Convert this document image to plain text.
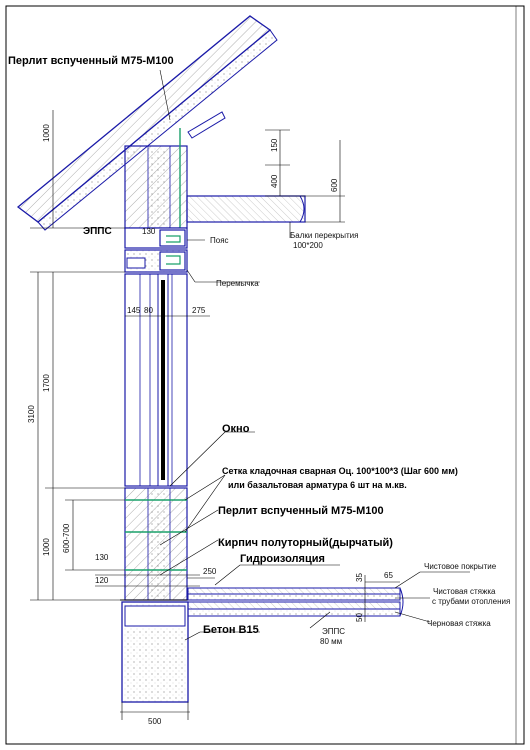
Перлит вспученный М75-М100
ЭППС
Пояс
Перемычка
Балки перекрытия
100*200
Окно
Сетка кладочная сварная Оц. 100*100*3 (Шаг 600 мм)
или базальтовая арматура 6 шт на м.кв.
Перлит вспученный М75-М100
Кирпич полуторный(дырчатый)
Гидроизоляция
Чистовое покрытие
Чистовая стяжка
с трубами отопления
Черновая стяжка
ЭППС
80 мм
Бетон В15
1000
150
400	600
130
145 80	275
1700
3100
600-700
1000
130
120
250
35	65
50
500
